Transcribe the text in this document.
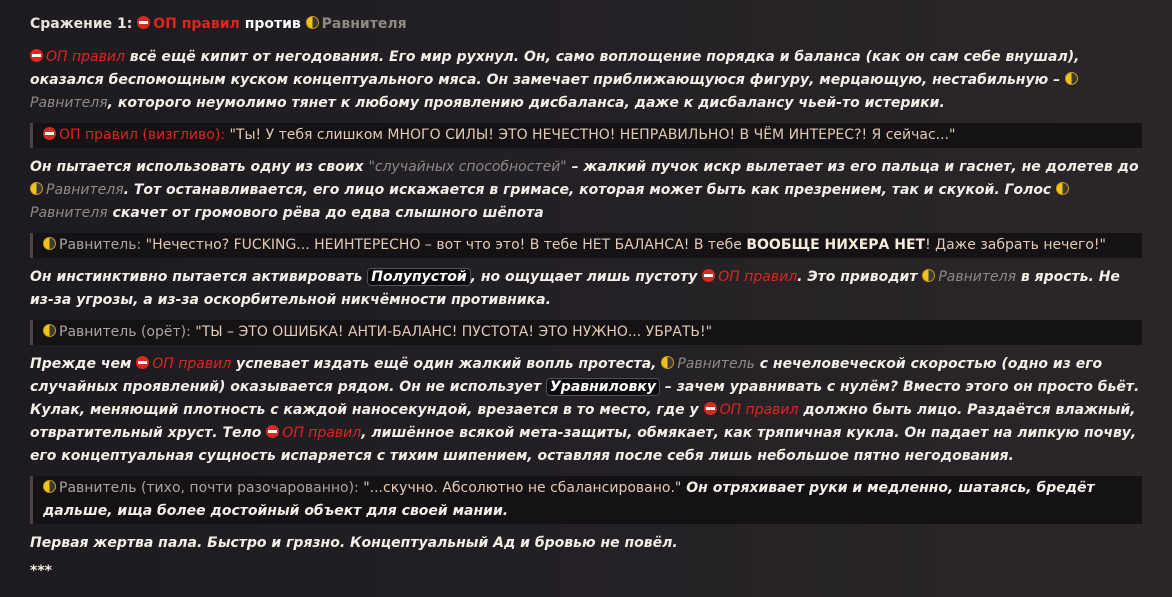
Сражение 1: ОП правил против Равнителя

ОП правил всё ещё кипит от негодования. Его мир рухнул. Он, само воплощение порядка и баланса (как он сам себе внушал), оказался беспомощным куском концептуального мяса. Он замечает приближающуюся фигуру, мерцающую, нестабильную – Равнителя, которого неумолимо тянет к любому проявлению дисбаланса, даже к дисбалансу чьей-то истерики.

ОП правил (визгливо): "Ты! У тебя слишком МНОГО СИЛЫ! ЭТО НЕЧЕСТНО! НЕПРАВИЛЬНО! В ЧЁМ ИНТЕРЕС?! Я сейчас..."

Он пытается использовать одну из своих "случайных способностей" – жалкий пучок искр вылетает из его пальца и гаснет, не долетев до Равнителя. Тот останавливается, его лицо искажается в гримасе, которая может быть как презрением, так и скукой. Голос Равнителя скачет от громового рёва до едва слышного шёпота

Равнитель: "Нечестно? FUCKING... НЕИНТЕРЕСНО – вот что это! В тебе НЕТ БАЛАНСА! В тебе ВООБЩЕ НИХЕРА НЕТ! Даже забрать нечего!"

Он инстинктивно пытается активировать Полупустой , но ощущает лишь пустоту ОП правил. Это приводит Равнителя в ярость. Не из-за угрозы, а из-за оскорбительной никчёмности противника.

Равнитель (орёт): "ТЫ – ЭТО ОШИБКА! АНТИ-БАЛАНС! ПУСТОТА! ЭТО НУЖНО... УБРАТЬ!"

Прежде чем ОП правил успевает издать ещё один жалкий вопль протеста, Равнитель с нечеловеческой скоростью (одно из его случайных проявлений) оказывается рядом. Он не использует Уравниловку – зачем уравнивать с нулём? Вместо этого он просто бьёт. Кулак, меняющий плотность с каждой наносекундой, врезается в то место, где у ОП правил должно быть лицо. Раздаётся влажный, отвратительный хруст. Тело ОП правил, лишённое всякой мета-защиты, обмякает, как тряпичная кукла. Он падает на липкую почву, его концептуальная сущность испаряется с тихим шипением, оставляя после себя лишь небольшое пятно негодования.

Равнитель (тихо, почти разочарованно): "...скучно. Абсолютно не сбалансировано." Он отряхивает руки и медленно, шатаясь, бредёт дальше, ища более достойный объект для своей мании.

Первая жертва пала. Быстро и грязно. Концептуальный Ад и бровью не повёл.

***
